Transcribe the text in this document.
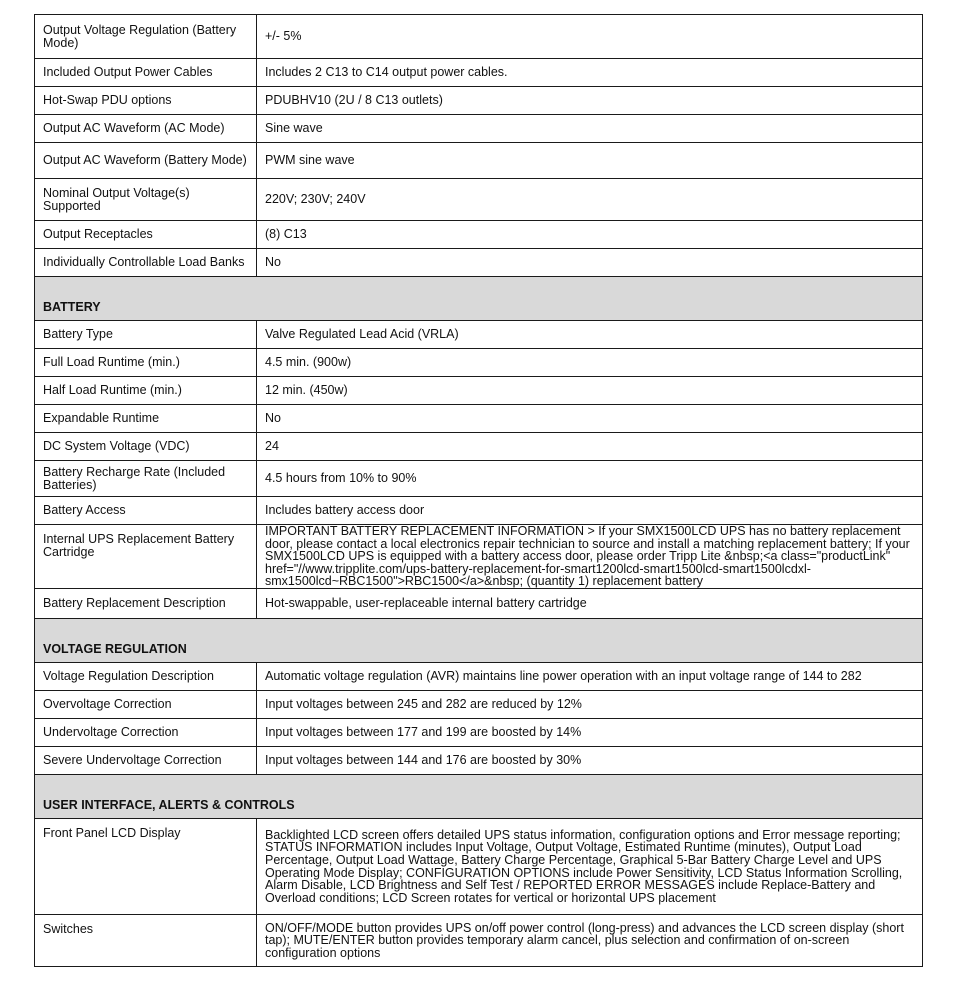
Output Voltage Regulation (Battery Mode)	+/- 5%
Included Output Power Cables	Includes 2 C13 to C14 output power cables.
Hot-Swap PDU options	PDUBHV10 (2U / 8 C13 outlets)
Output AC Waveform (AC Mode)	Sine wave
Output AC Waveform (Battery Mode)	PWM sine wave
Nominal Output Voltage(s) Supported	220V; 230V; 240V
Output Receptacles	(8) C13
Individually Controllable Load Banks	No
BATTERY	
Battery Type	Valve Regulated Lead Acid (VRLA)
Full Load Runtime (min.)	4.5 min. (900w)
Half Load Runtime (min.)	12 min. (450w)
Expandable Runtime	No
DC System Voltage (VDC)	24
Battery Recharge Rate (Included Batteries)	4.5 hours from 10% to 90%
Battery Access	Includes battery access door
Internal UPS Replacement Battery Cartridge	IMPORTANT BATTERY REPLACEMENT INFORMATION > If your SMX1500LCD UPS has no battery replacement door, please contact a local electronics repair technician to source and install a matching replacement battery; If your SMX1500LCD UPS is equipped with a battery access door, please order Tripp Lite &nbsp;<a class="productLink" href="//www.tripplite.com/ups-battery-replacement-for-smart1200lcd-smart1500lcd-smart1500lcdxl-smx1500lcd~RBC1500">RBC1500</a>&nbsp; (quantity 1) replacement battery
Battery Replacement Description	Hot-swappable, user-replaceable internal battery cartridge
VOLTAGE REGULATION	
Voltage Regulation Description	Automatic voltage regulation (AVR) maintains line power operation with an input voltage range of 144 to 282
Overvoltage Correction	Input voltages between 245 and 282 are reduced by 12%
Undervoltage Correction	Input voltages between 177 and 199 are boosted by 14%
Severe Undervoltage Correction	Input voltages between 144 and 176 are boosted by 30%
USER INTERFACE, ALERTS & CONTROLS	
Front Panel LCD Display	Backlighted LCD screen offers detailed UPS status information, configuration options and Error message reporting; STATUS INFORMATION includes Input Voltage, Output Voltage, Estimated Runtime (minutes), Output Load Percentage, Output Load Wattage, Battery Charge Percentage, Graphical 5-Bar Battery Charge Level and UPS Operating Mode Display; CONFIGURATION OPTIONS include Power Sensitivity, LCD Status Information Scrolling, Alarm Disable, LCD Brightness and Self Test / REPORTED ERROR MESSAGES include Replace-Battery and Overload conditions; LCD Screen rotates for vertical or horizontal UPS placement
Switches	ON/OFF/MODE button provides UPS on/off power control (long-press) and advances the LCD screen display (short tap); MUTE/ENTER button provides temporary alarm cancel, plus selection and confirmation of on-screen configuration options
